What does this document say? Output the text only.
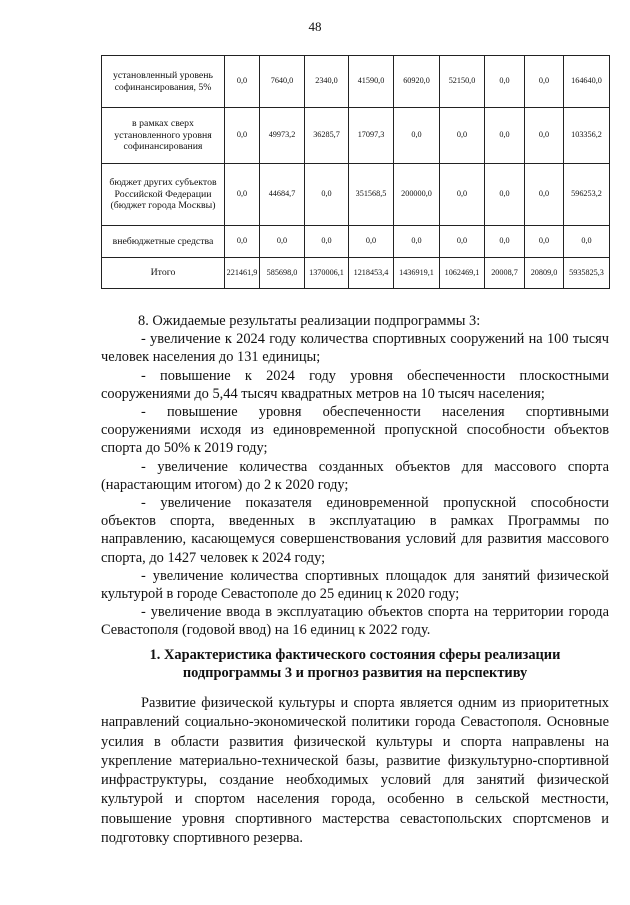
48
установленный уровень софинансирования, 5%	0,0	7640,0	2340,0	41590,0	60920,0	52150,0	0,0	0,0	164640,0
в рамках сверх установленного уровня софинансирования	0,0	49973,2	36285,7	17097,3	0,0	0,0	0,0	0,0	103356,2
бюджет других субъектов Российской Федерации (бюджет города Москвы)	0,0	44684,7	0,0	351568,5	200000,0	0,0	0,0	0,0	596253,2
внебюджетные средства	0,0	0,0	0,0	0,0	0,0	0,0	0,0	0,0	0,0
Итого	221461,9	585698,0	1370006,1	1218453,4	1436919,1	1062469,1	20008,7	20809,0	5935825,3

8. Ожидаемые результаты реализации подпрограммы 3:

- увеличение к 2024 году количества спортивных сооружений на 100 тысяч человек населения до 131 единицы;

- повышение к 2024 году уровня обеспеченности плоскостными сооружениями до 5,44 тысяч квадратных метров на 10 тысяч населения;

- повышение уровня обеспеченности населения спортивными сооружениями исходя из единовременной пропускной способности объектов спорта до 50% к 2019 году;

- увеличение количества созданных объектов для массового спорта (нарастающим итогом) до 2 к 2020 году;

- увеличение показателя единовременной пропускной способности объектов спорта, введенных в эксплуатацию в рамках Программы по направлению, касающемуся совершенствования условий для развития массового спорта, до 1427 человек к 2024 году;

- увеличение количества спортивных площадок для занятий физической культурой в городе Севастополе до 25 единиц к 2020 году;

- увеличение ввода в эксплуатацию объектов спорта на территории города Севастополя (годовой ввод) на 16 единиц к 2022 году.

1. Характеристика фактического состояния сферы реализации подпрограммы 3 и прогноз развития на перспективу

Развитие физической культуры и спорта является одним из приоритетных направлений социально-экономической политики города Севастополя. Основные усилия в области развития физической культуры и спорта направлены на укрепление материально-технической базы, развитие физкультурно-спортивной инфраструктуры, создание необходимых условий для занятий физической культурой и спортом населения города, особенно в сельской местности, повышение уровня спортивного мастерства севастопольских спортсменов и подготовку спортивного резерва.
